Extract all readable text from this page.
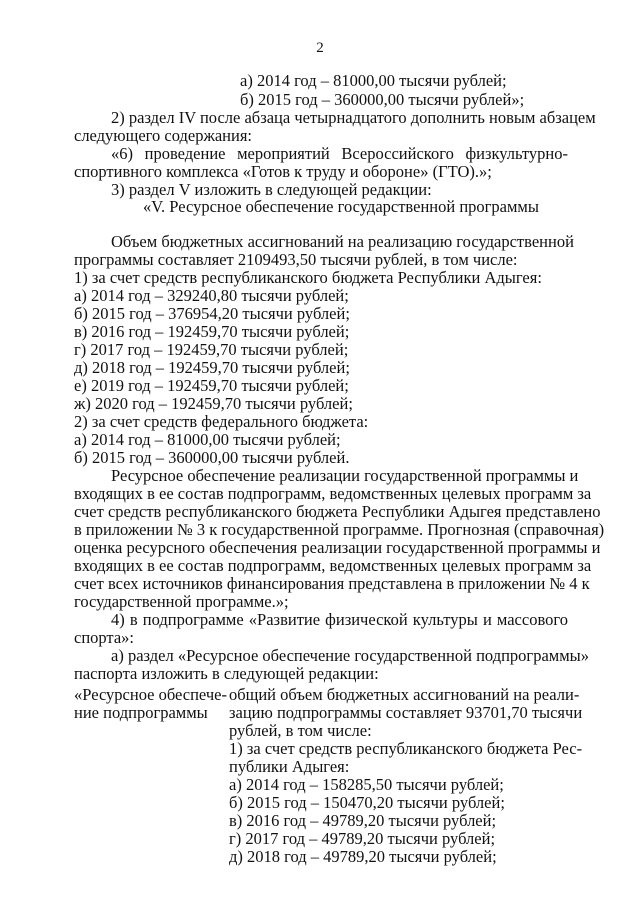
2
а) 2014 год – 81000,00 тысячи рублей;
б) 2015 год – 360000,00 тысячи рублей»;
2) раздел IV после абзаца четырнадцатого дополнить новым абзацем
следующего содержания:
«6) проведение мероприятий Всероссийского физкультурно-
спортивного комплекса «Готов к труду и обороне» (ГТО).»;
3) раздел V изложить в следующей редакции:
«V. Ресурсное обеспечение государственной программы
Объем бюджетных ассигнований на реализацию государственной
программы составляет 2109493,50 тысячи рублей, в том числе:
1) за счет средств республиканского бюджета Республики Адыгея:
а) 2014 год – 329240,80 тысячи рублей;
б) 2015 год – 376954,20 тысячи рублей;
в) 2016 год – 192459,70 тысячи рублей;
г) 2017 год – 192459,70 тысячи рублей;
д) 2018 год – 192459,70 тысячи рублей;
е) 2019 год – 192459,70 тысячи рублей;
ж) 2020 год – 192459,70 тысячи рублей;
2) за счет средств федерального бюджета:
а) 2014 год – 81000,00 тысячи рублей;
б) 2015 год – 360000,00 тысячи рублей.
Ресурсное обеспечение реализации государственной программы и
входящих в ее состав подпрограмм, ведомственных целевых программ за
счет средств республиканского бюджета Республики Адыгея представлено
в приложении № 3 к государственной программе. Прогнозная (справочная)
оценка ресурсного обеспечения реализации государственной программы и
входящих в ее состав подпрограмм, ведомственных целевых программ за
счет всех источников финансирования представлена в приложении № 4 к
государственной программе.»;
4) в подпрограмме «Развитие физической культуры и массового
спорта»:
а) раздел «Ресурсное обеспечение государственной подпрограммы»
паспорта изложить в следующей редакции:
«Ресурсное обеспече-
ние подпрограммы
общий объем бюджетных ассигнований на реали-
зацию подпрограммы составляет 93701,70 тысячи
рублей, в том числе:
1) за счет средств республиканского бюджета Рес-
публики Адыгея:
а) 2014 год – 158285,50 тысячи рублей;
б) 2015 год – 150470,20 тысячи рублей;
в) 2016 год – 49789,20 тысячи рублей;
г) 2017 год – 49789,20 тысячи рублей;
д) 2018 год – 49789,20 тысячи рублей;
